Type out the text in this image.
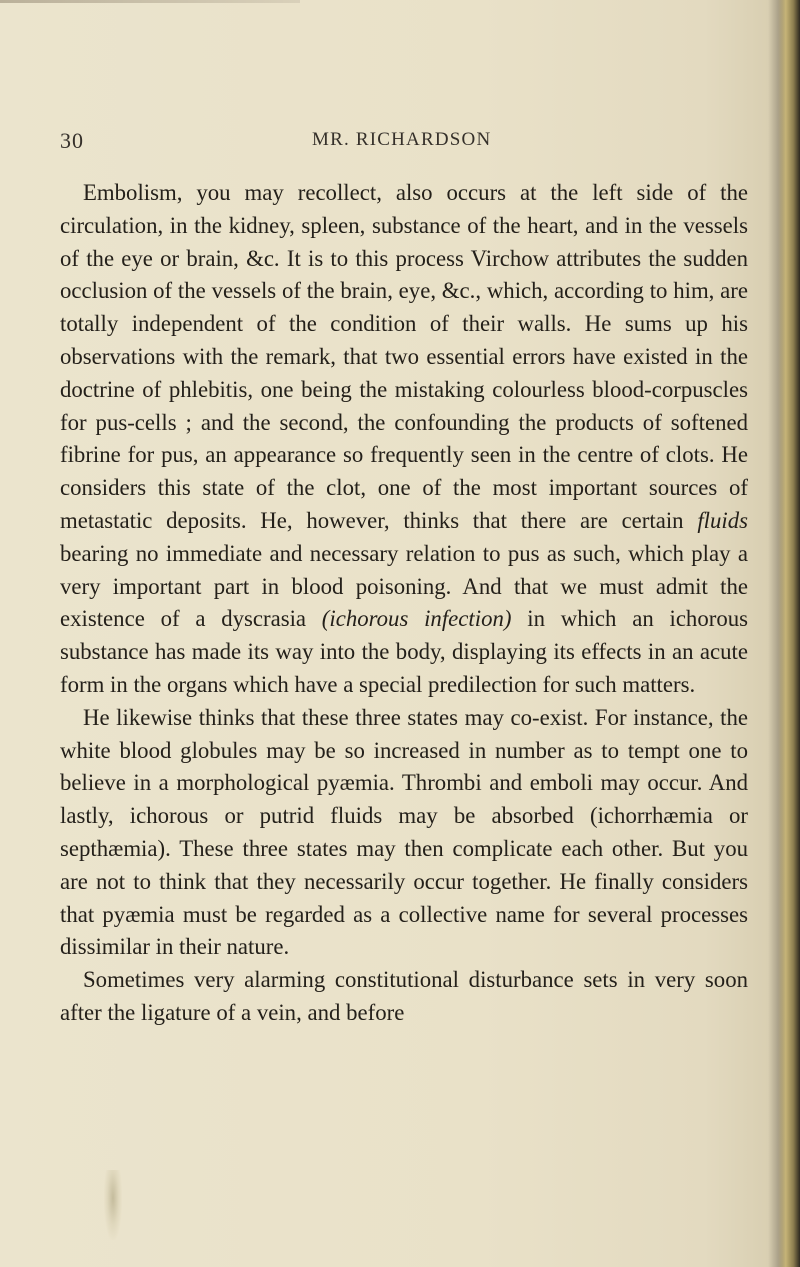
30	MR. RICHARDSON

Embolism, you may recollect, also occurs at the left side of the circulation, in the kidney, spleen, substance of the heart, and in the vessels of the eye or brain, &c. It is to this process Virchow attributes the sudden occlusion of the vessels of the brain, eye, &c., which, according to him, are totally independent of the condition of their walls. He sums up his observations with the remark, that two essential errors have existed in the doctrine of phlebitis, one being the mistaking colourless blood-corpuscles for pus-cells ; and the second, the confounding the products of softened fibrine for pus, an appearance so frequently seen in the centre of clots. He considers this state of the clot, one of the most important sources of metastatic deposits. He, however, thinks that there are certain fluids bearing no immediate and necessary relation to pus as such, which play a very important part in blood poisoning. And that we must admit the existence of a dyscrasia (ichorous infection) in which an ichorous substance has made its way into the body, displaying its effects in an acute form in the organs which have a special predilection for such matters.

He likewise thinks that these three states may co-exist. For instance, the white blood globules may be so increased in number as to tempt one to believe in a morphological pyæmia. Thrombi and emboli may occur. And lastly, ichorous or putrid fluids may be absorbed (ichorrhæmia or septhæmia). These three states may then complicate each other. But you are not to think that they necessarily occur together. He finally considers that pyæmia must be regarded as a collective name for several processes dissimilar in their nature.

Sometimes very alarming constitutional disturbance sets in very soon after the ligature of a vein, and before
